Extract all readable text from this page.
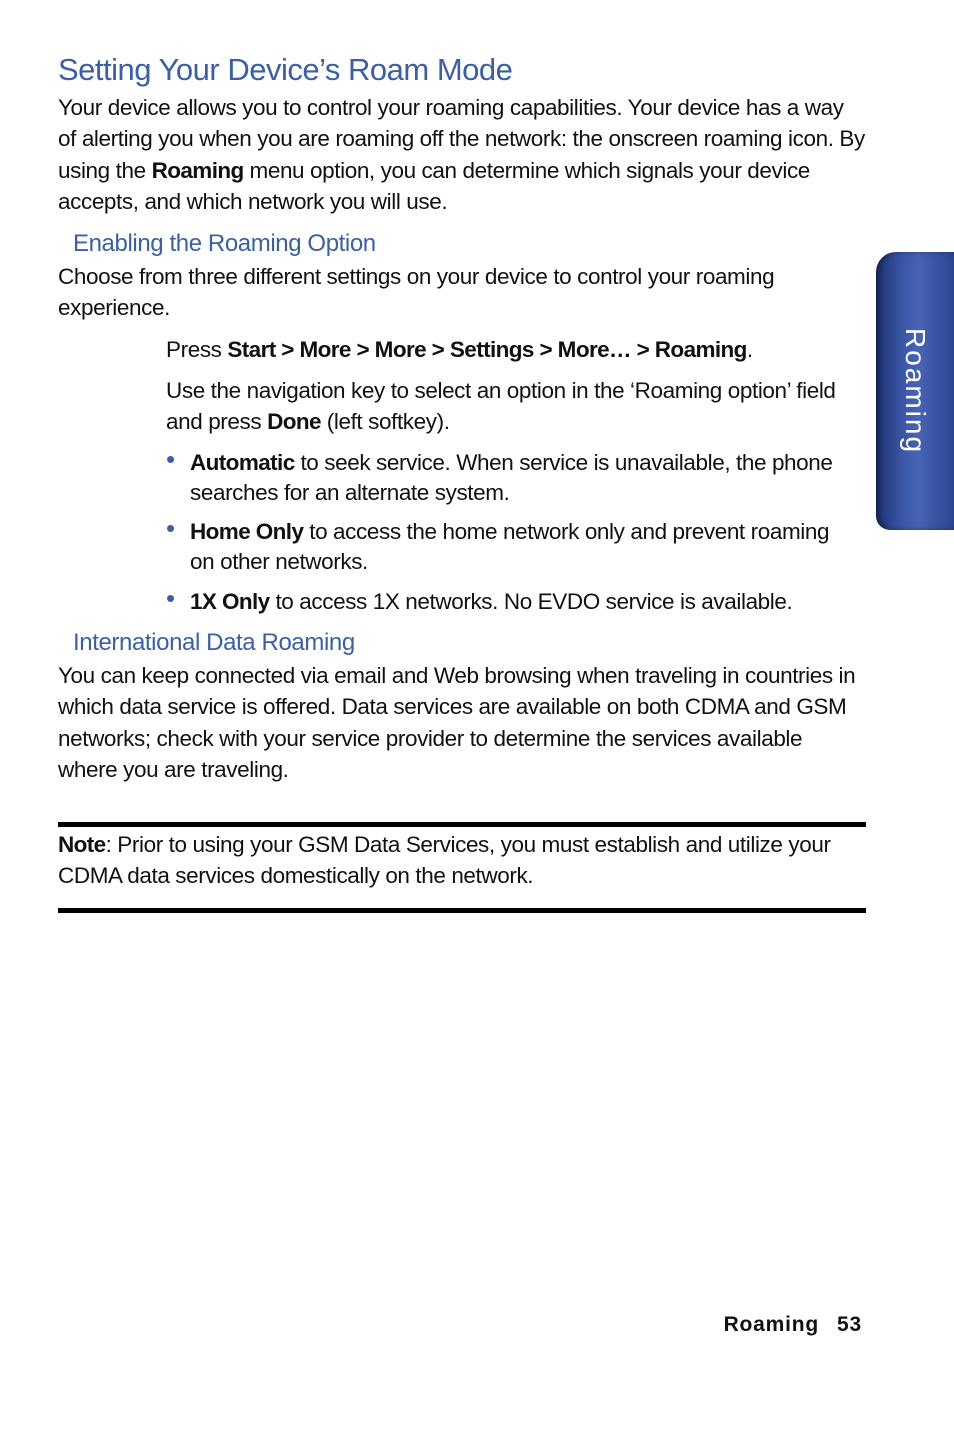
Setting Your Device’s Roam Mode

Your device allows you to control your roaming capabilities. Your device has a way of alerting you when you are roaming off the network: the onscreen roaming icon. By using the Roaming menu option, you can determine which signals your device accepts, and which network you will use.

Enabling the Roaming Option

Choose from three different settings on your device to control your roaming experience.

Press Start > More > More > Settings > More… > Roaming.

Use the navigation key to select an option in the ‘Roaming option’ field and press Done (left softkey).

• Automatic to seek service. When service is unavailable, the phone searches for an alternate system.
• Home Only to access the home network only and prevent roaming on other networks.
• 1X Only to access 1X networks. No EVDO service is available.
International Data Roaming

You can keep connected via email and Web browsing when traveling in countries in which data service is offered. Data services are available on both CDMA and GSM networks; check with your service provider to determine the services available where you are traveling.

Note: Prior to using your GSM Data Services, you must establish and utilize your CDMA data services domestically on the network.

Roaming
Roaming 53
